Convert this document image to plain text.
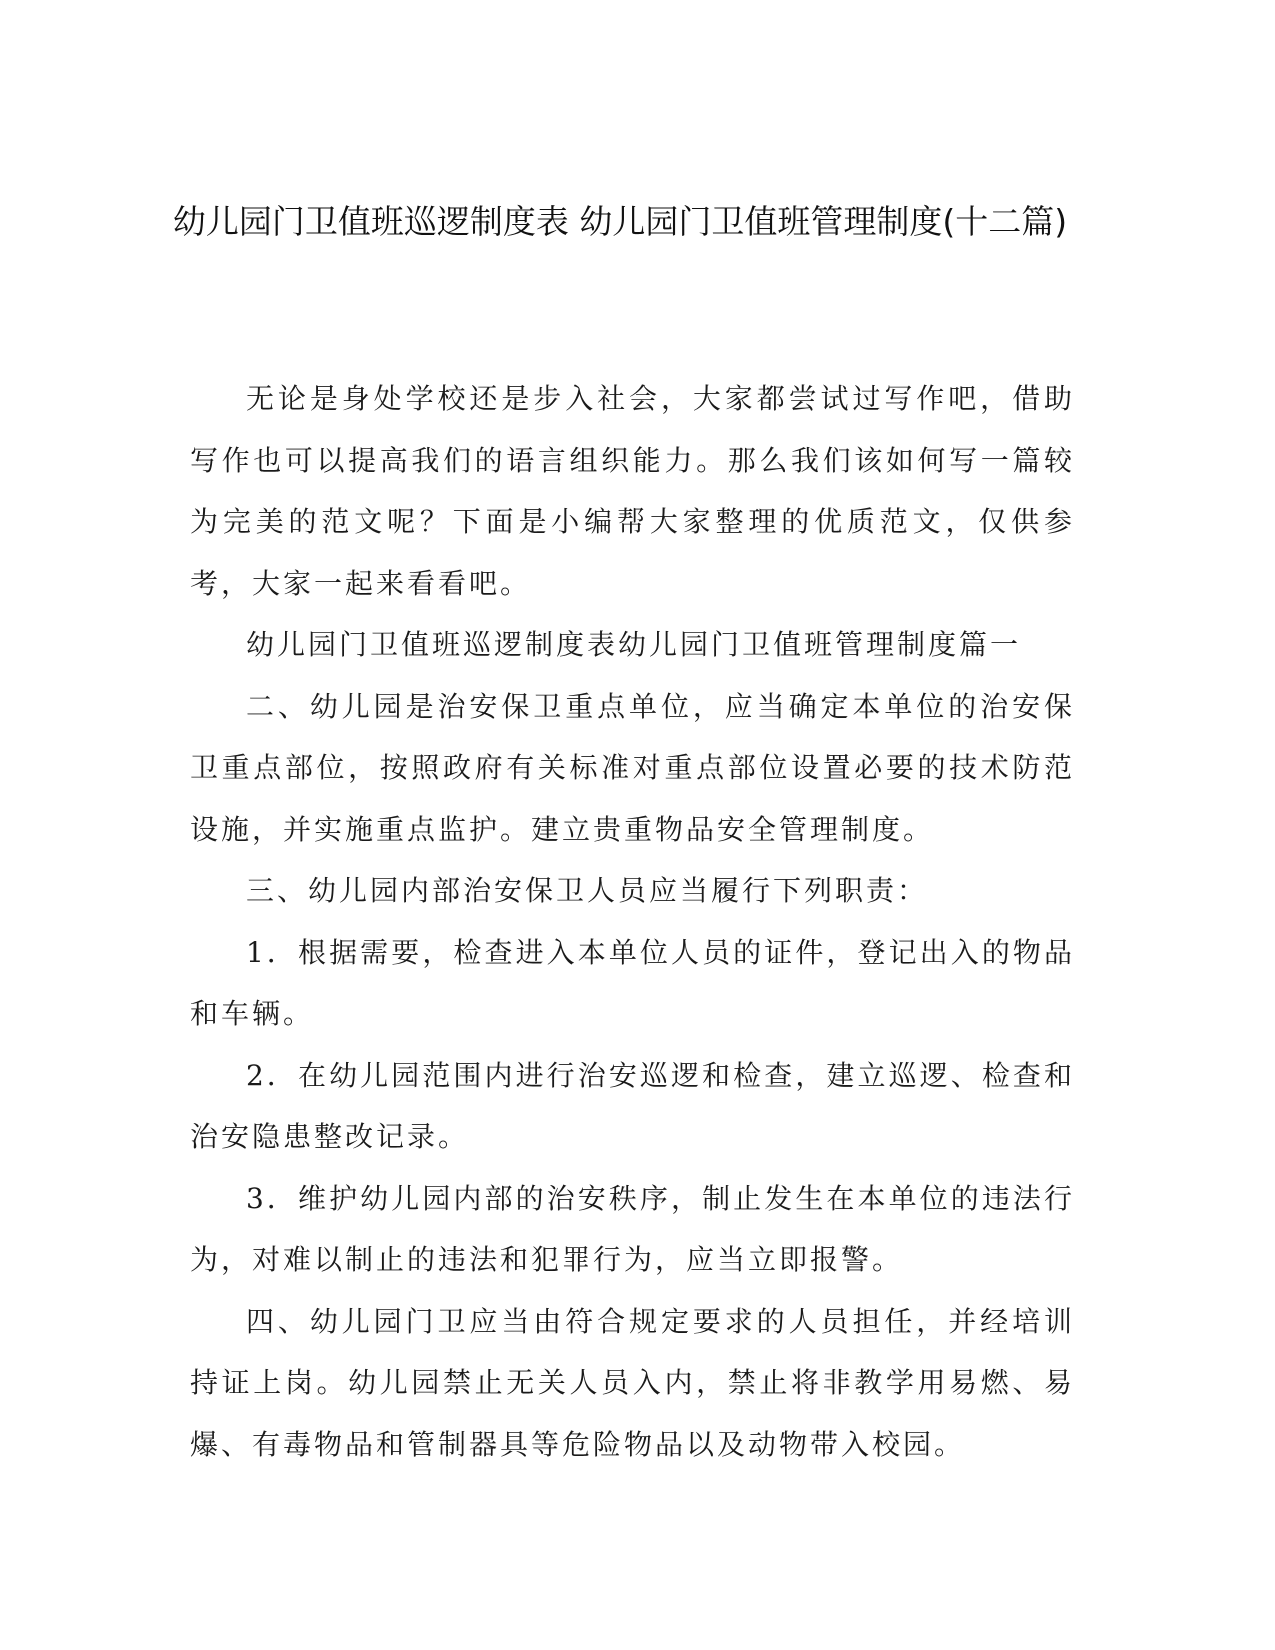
幼儿园门卫值班巡逻制度表 幼儿园门卫值班管理制度(十二篇)

无论是身处学校还是步入社会，大家都尝试过写作吧，借助写作也可以提高我们的语言组织能力。那么我们该如何写一篇较为完美的范文呢？下面是小编帮大家整理的优质范文，仅供参考，大家一起来看看吧。

幼儿园门卫值班巡逻制度表幼儿园门卫值班管理制度篇一

二、幼儿园是治安保卫重点单位，应当确定本单位的治安保卫重点部位，按照政府有关标准对重点部位设置必要的技术防范设施，并实施重点监护。建立贵重物品安全管理制度。

三、幼儿园内部治安保卫人员应当履行下列职责：

1．根据需要，检查进入本单位人员的证件，登记出入的物品和车辆。

2．在幼儿园范围内进行治安巡逻和检查，建立巡逻、检查和治安隐患整改记录。

3．维护幼儿园内部的治安秩序，制止发生在本单位的违法行为，对难以制止的违法和犯罪行为，应当立即报警。

四、幼儿园门卫应当由符合规定要求的人员担任，并经培训持证上岗。幼儿园禁止无关人员入内，禁止将非教学用易燃、易爆、有毒物品和管制器具等危险物品以及动物带入校园。
